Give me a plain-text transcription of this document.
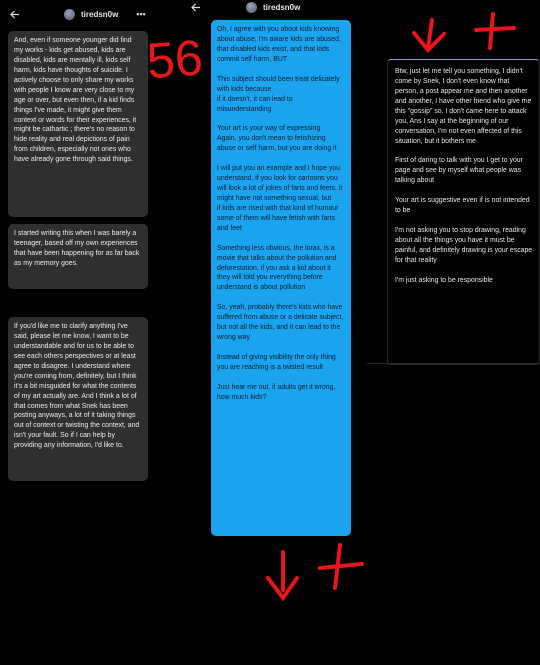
tiredsn0w •••
And, even if someone younger did find my works - kids get abused, kids are disabled, kids are mentally ill, kids self harm, kids have thoughts of suicide. I actively choose to only share my works with people I know are very close to my age or over, but even then, if a kid finds things I've made, it might give them context or words for their experiences, it might be cathartic ; there's no reason to hide reality and real depictions of pain from children, especially not ones who have already gone through said things.
I started writing this when I was barely a teenager, based off my own experiences that have been happening for as far back as my memory goes.
If you'd like me to clarify anything I've said, please let me know, I want to be understandable and for us to be able to see each others perspectives or at least agree to disagree. I understand where you're coming from, definitely, but I think it's a bit misguided for what the contents of my art actually are. And I think a lot of that comes from what Snek has been posting anyways, a lot of it taking things out of context or twisting the context, and isn't your fault. So if I can help by providing any information, I'd like to.
tiredsn0w
Oh, I agree with you about kids knowing about abuse, I'm aware kids are abused, that disabled kids exist, and that kids commit self harm, BUT

This subject should been treat delicately with kids because
if it doesn't, it can lead to misunderstanding

Your art is your way of expressing
Again, you don't mean to fetishizing abuse or self harm, but you are doing it

I will put you an example and I hope you understand, if you look for cartoons you will look a lot of jokes of farts and feets, it might have not something sexual, but
if kids are rised with that kind of humour some of them will have fetish with farts and feet

Something less obvious, the lorax, is a movie that talks about the pollution and deforestation, if you ask a kid about it they will told you everything before understand is about pollution

So, yeah, probably there's kids who have suffered from abuse or a delicate subject, but not all the kids, and it can lead to the wrong way

Instead of giving visibility the only thing you are reaching is a twisted result

Just hear me out, if adults get it wrong, how much kids?
Btw, just let me tell you something, I didn't come by Snek, I don't even know that person, a post appear me and then another and another, I have other friend who give me this "gossip" so, I don't came here to attack you, Ans I say at the beginning of our conversation, I'm not even affected of this situation, but it bothers me

First of daring to talk with you I get to your page and see by myself what people was talking about

Your art is suggestive even if is not intended to be

I'm not asking you to stop drawing, reading about all the things you have it must be painful, and definitely drawing is your escape for that reality

I'm just asking to be responsible
56
